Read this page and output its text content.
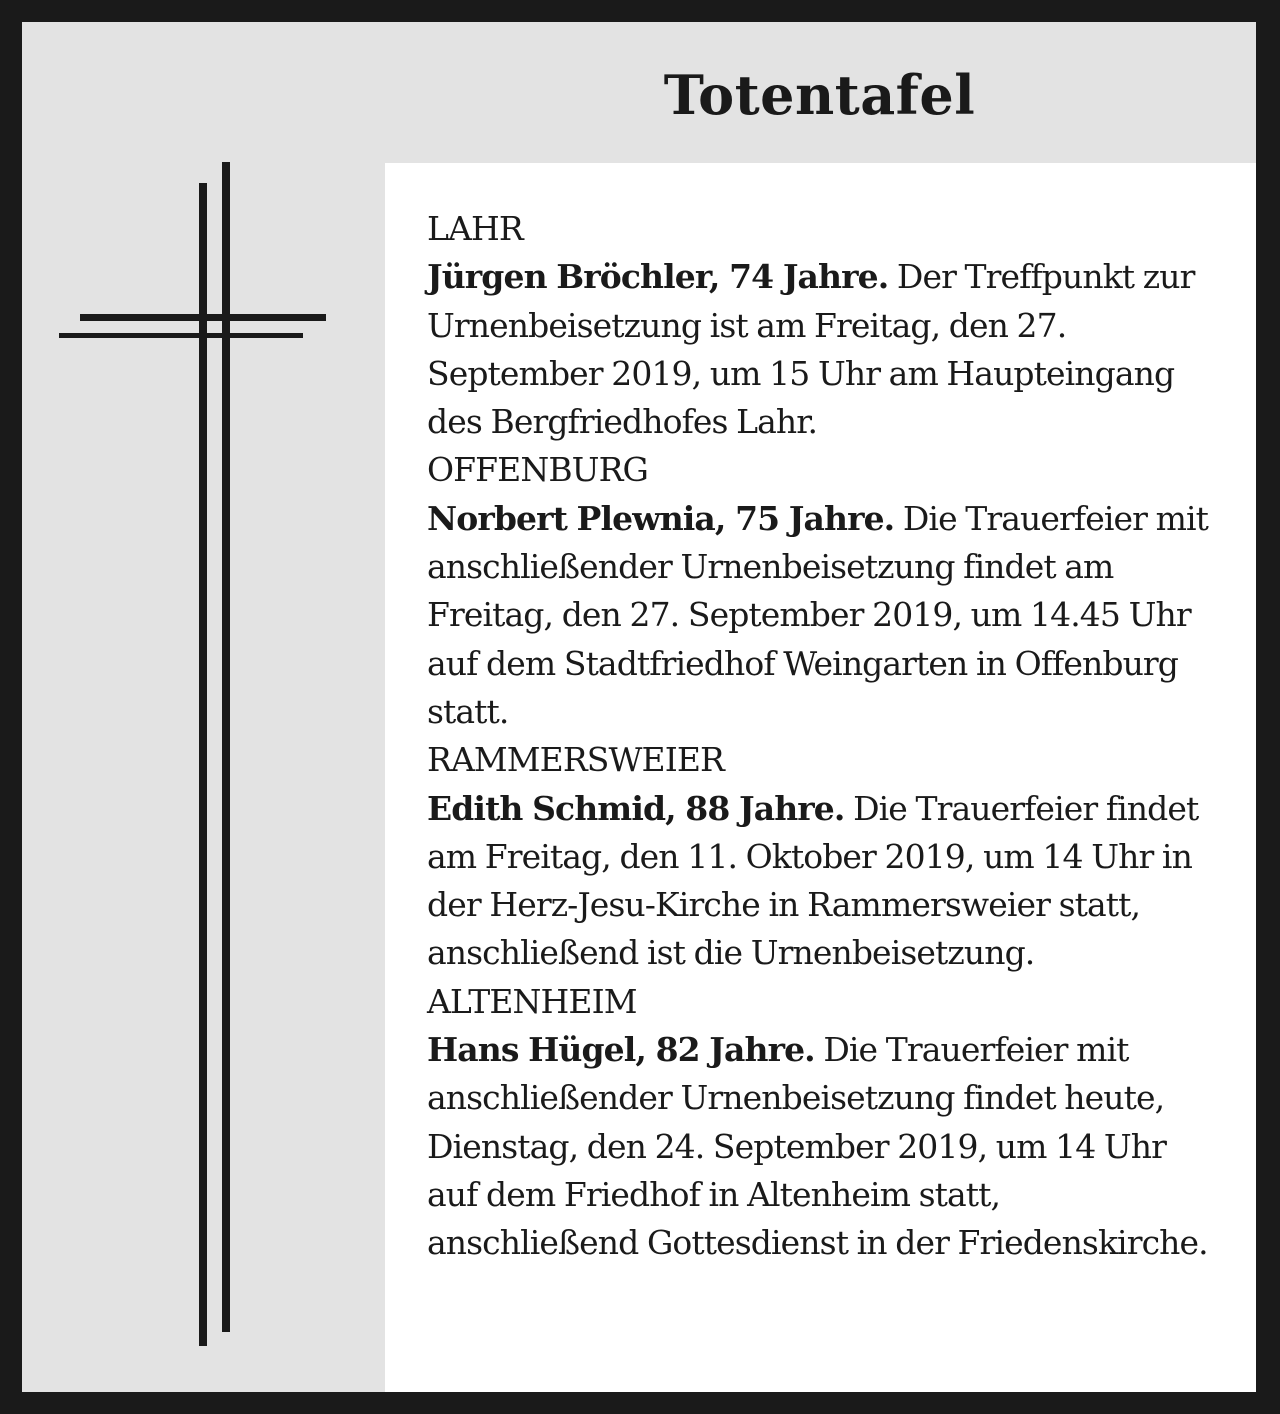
Totentafel
LAHR
Jürgen Bröchler, 74 Jahre. Der Treffpunkt zur Urnenbeisetzung ist am Freitag, den 27. September 2019, um 15 Uhr am Haupteingang des Bergfriedhofes Lahr.
OFFENBURG
Norbert Plewnia, 75 Jahre. Die Trauerfeier mit anschließender Urnenbeisetzung findet am Freitag, den 27. September 2019, um 14.45 Uhr auf dem Stadtfriedhof Weingarten in Offenburg statt.
RAMMERSWEIER
Edith Schmid, 88 Jahre. Die Trauerfeier findet am Freitag, den 11. Oktober 2019, um 14 Uhr in der Herz-Jesu-Kirche in Rammersweier statt, anschließend ist die Urnenbeisetzung.
ALTENHEIM
Hans Hügel, 82 Jahre. Die Trauerfeier mit anschließender Urnenbeisetzung findet heute, Dienstag, den 24. September 2019, um 14 Uhr auf dem Friedhof in Altenheim statt, anschließend Gottesdienst in der Friedenskirche.
